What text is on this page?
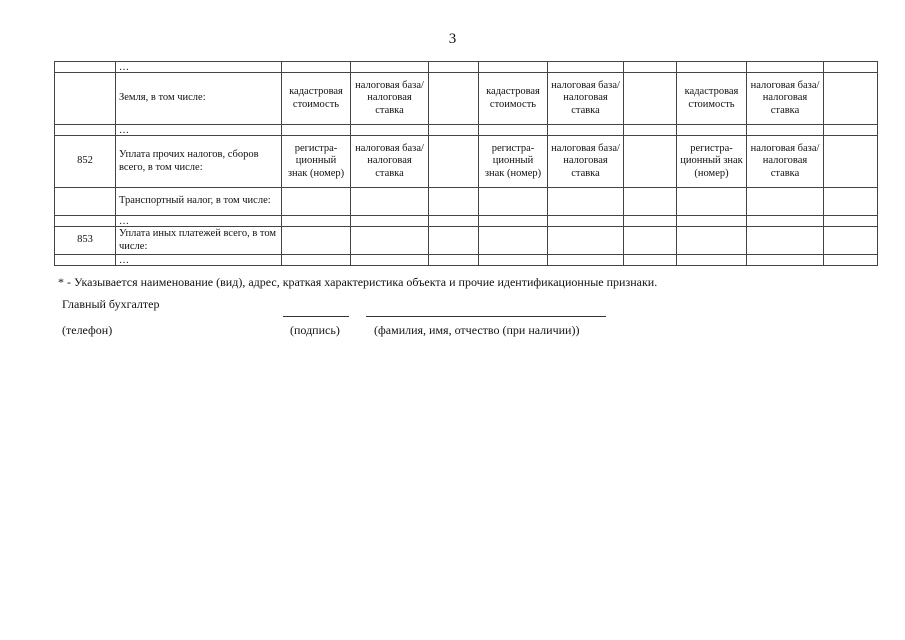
3
	…									
	Земля, в том числе:	кадастровая стоимость	налоговая база/ налоговая ставка		кадастровая стоимость	налоговая база/ налоговая ставка		кадастровая стоимость	налоговая база/ налоговая ставка	
	…									
852	Уплата прочих налогов, сборов всего, в том числе:	регистра-ционный знак (номер)	налоговая база/ налоговая ставка		регистра-ционный знак (номер)	налоговая база/ налоговая ставка		регистра-ционный знак (номер)	налоговая база/ налоговая ставка	
	Транспортный налог, в том числе:									
	…									
853	Уплата иных платежей всего, в том числе:									
	…									
* - Указывается наименование (вид), адрес, краткая характеристика объекта и прочие идентификационные признаки.
Главный бухгалтер
(телефон)	(подпись)	(фамилия, имя, отчество (при наличии))
